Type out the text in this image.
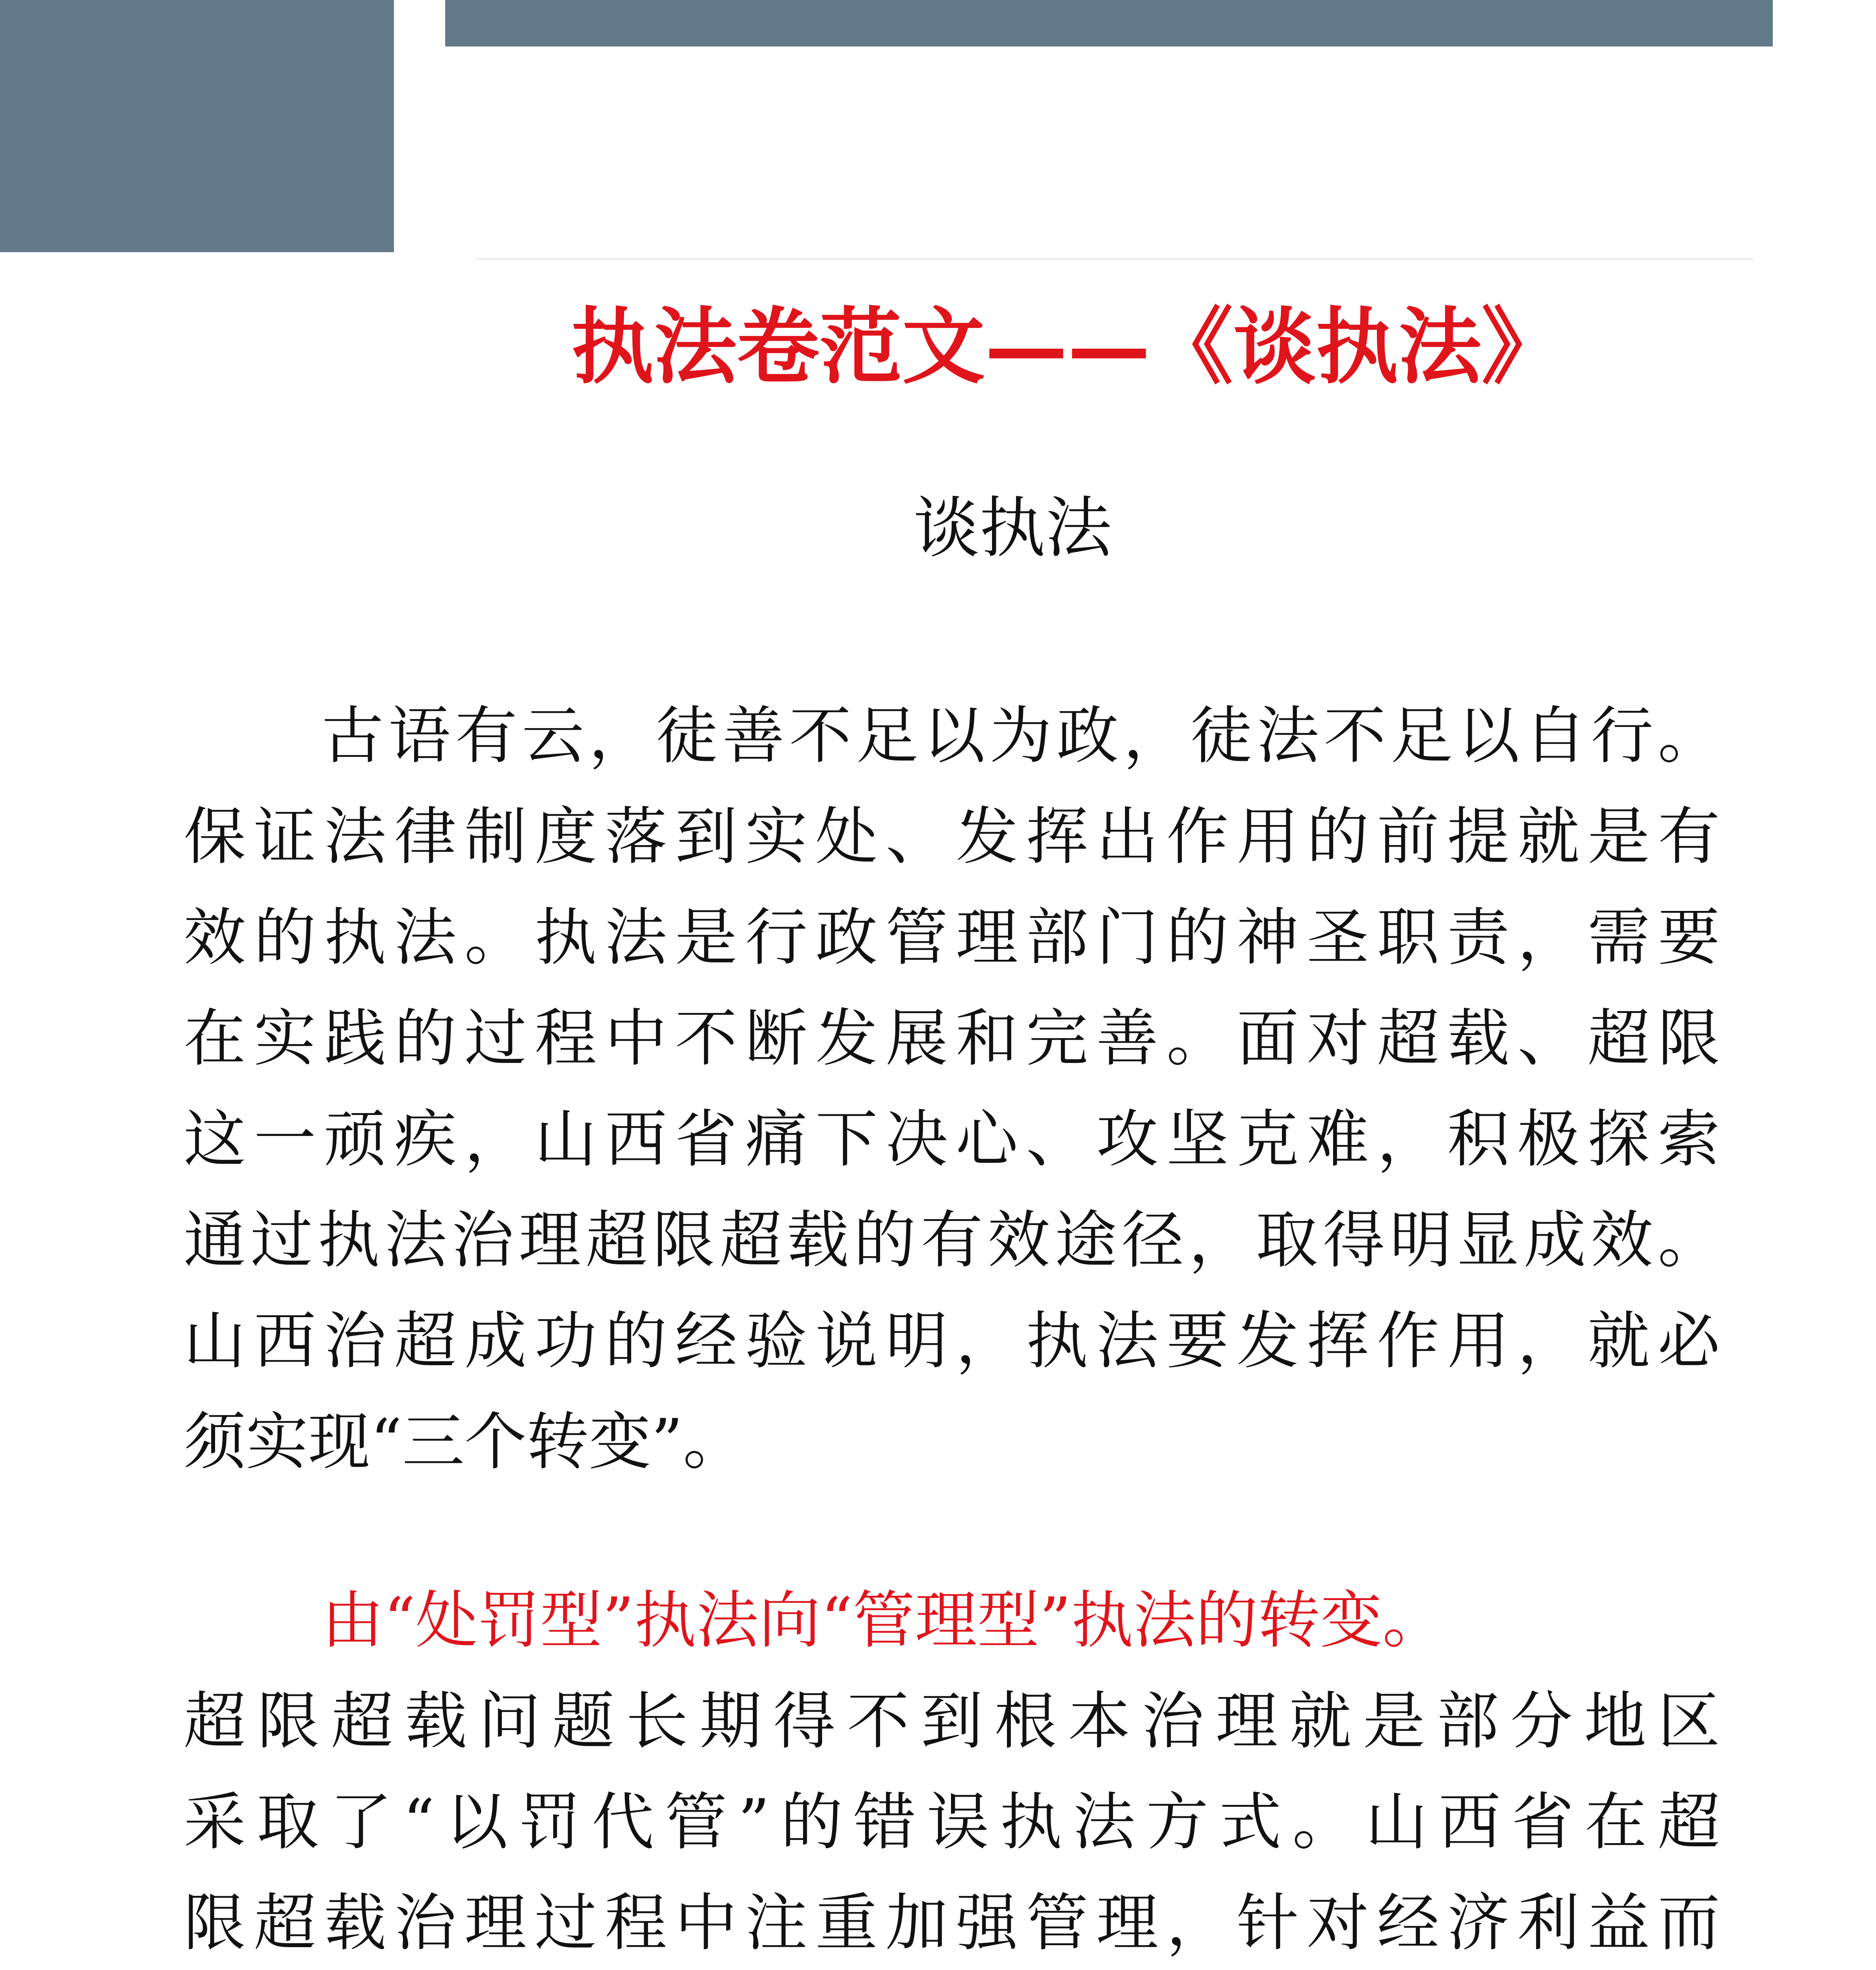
执法卷范文——《谈执法》
谈执法
古语有云，徒善不足以为政，徒法不足以自行。
保证法律制度落到实处、发挥出作用的前提就是有
效的执法。执法是行政管理部门的神圣职责，需要
在实践的过程中不断发展和完善。面对超载、超限
这一顽疾，山西省痛下决心、攻坚克难，积极探索
通过执法治理超限超载的有效途径，取得明显成效。
山西治超成功的经验说明，执法要发挥作用，就必
须实现“三个转变”。
由“处罚型”执法向“管理型”执法的转变。
超限超载问题长期得不到根本治理就是部分地区
采取了“以罚代管”的错误执法方式。山西省在超
限超载治理过程中注重加强管理，针对经济利益而
